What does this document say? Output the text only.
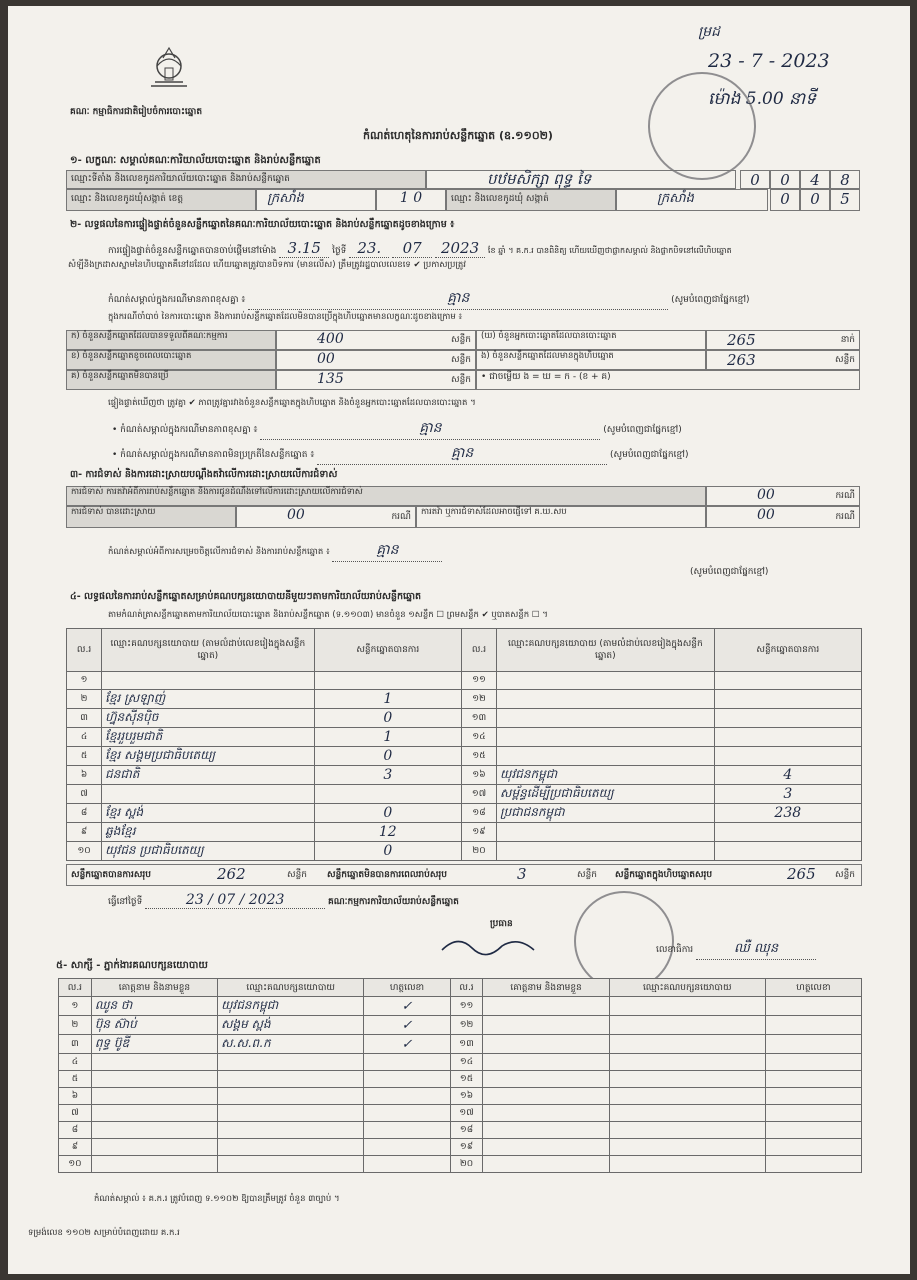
គណៈ កម្មាធិការជាតិរៀបចំការបោះឆ្នោត
ម្រដ
23 - 7 - 2023
ម៉ោង 5.00 នាទី
កំណត់ហេតុនៃការរាប់សន្លឹកឆ្នោត (ឧ.១១០២)
១- លក្ខណៈ សម្គាល់គណៈការិយាល័យបោះឆ្នោត និងរាប់សន្លឹកឆ្នោត
ឈ្មោះទីតាំង និងលេខកូដការិយាល័យបោះឆ្នោត និងរាប់សន្លឹកឆ្នោត	បឋមសិក្សា ពុទ្ធ ទៃ	0	0	4	8
ឈ្មោះ និងលេខកូដឃុំសង្កាត់ ខេត្ត	ក្រសាំង	1 0	ឈ្មោះ និងលេខកូដឃុំ សង្កាត់	ក្រសាំង	0	0	5
២- លទ្ធផលនៃការផ្ទៀងផ្ទាត់ចំនួនសន្លឹកឆ្នោតនៃគណៈការិយាល័យបោះឆ្នោត និងរាប់សន្លឹកឆ្នោតដូចខាងក្រោម ៖
ការផ្ទៀងផ្ទាត់ចំនួនសន្លឹកឆ្នោតបានចាប់ផ្តើមនៅម៉ោង 3.15 ថ្ងៃទី 23. 07 2023 ខែ ឆ្នាំ ។ គ.ក.រ បានពិនិត្យ ហើយឃើញថាផ្លាកសម្គាល់ និងផ្លាកបិទនៅលើហិបឆ្នោត
សំឡីនិងក្រដាសស្នាមនៃហិបឆ្នោតគឺនៅដដែល ហើយឆ្នោតត្រូវបានបិទការ (មានលើស) ត្រឹមត្រូវរដ្ឋបាលលេខទេ ✔ ប្រកាសប្រត្រូវ
កំណត់សម្គាល់ក្នុងករណីមានភាពខុសគ្នា ៖	គ្មាន	(សូមបំពេញជាផ្នែកខ្មៅ)
ក្នុងករណីចាំបាច់ នៃការបោះឆ្នោត និងការរាប់សន្លឹកឆ្នោតដែលមិនបានប្រើក្នុងហិបឆ្នោតមានលក្ខណៈដូចខាងក្រោម ៖
ក) ចំនួនសន្លឹកឆ្នោតដែលបានទទួលពីគណៈកម្មការ	400	សន្លឹក	(ឃ) ចំនួនអ្នកបោះឆ្នោតដែលបានបោះឆ្នោត	265	នាក់
ខ) ចំនួនសន្លឹកឆ្នោតខូចពេលបោះឆ្នោត	00	សន្លឹក	ង) ចំនួនសន្លឹកឆ្នោតដែលមានក្នុងហិបឆ្នោត	263	សន្លឹក
គ) ចំនួនសន្លឹកឆ្នោតមិនបានប្រើ	135	សន្លឹក	• ជាចម្លើយ ង = ឃ = ក - (ខ + គ)
ផ្ទៀងផ្ទាត់ឃើញថា ត្រូវគ្នា ✔ ភាពត្រូវគ្នារវាងចំនួនសន្លឹកឆ្នោតក្នុងហិបឆ្នោត និងចំនួនអ្នកបោះឆ្នោតដែលបានបោះឆ្នោត ។
• កំណត់សម្គាល់ក្នុងករណីមានភាពខុសគ្នា ៖	គ្មាន	(សូមបំពេញជាផ្នែកខ្មៅ)
• កំណត់សម្គាល់ក្នុងករណីមានភាពមិនប្រក្រតីនៃសន្លឹកឆ្នោត ៖	គ្មាន	(សូមបំពេញជាផ្នែកខ្មៅ)
៣- ការជំទាស់ និងការដោះស្រាយបណ្តឹងតវ៉ាលើការដោះស្រាយលើការជំទាស់
ការជំទាស់ ការតវ៉ាអំពីការរាប់សន្លឹកឆ្នោត និងការជូនដំណឹងទៅលើការដោះស្រាយលើការជំទាស់	00	ករណី
ការជំទាស់ បានដោះស្រាយ	00	ករណី	ការតវ៉ា ឬការជំទាស់ដែលអាចផ្ញើទៅ គ.ឃ.សប	00	ករណី
កំណត់សម្គាល់អំពីការសម្រេចចិត្តលើការជំទាស់ និងការរាប់សន្លឹកឆ្នោត ៖	គ្មាន
(សូមបំពេញជាផ្នែកខ្មៅ)
៤- លទ្ធផលនៃការរាប់សន្លឹកឆ្នោតសម្រាប់គណបក្សនយោបាយនីមួយៗតាមការិយាល័យរាប់សន្លឹកឆ្នោត
តាមកំណត់ត្រាសន្លឹកឆ្នោតតាមការិយាល័យបោះឆ្នោត និងរាប់សន្លឹកឆ្នោត (ទ.១១០៣) មានចំនួន ១សន្លឹក ☐ ព្រមសន្លឹក ✔ ឬបាតសន្លឹក ☐ ។
ល.រ	ឈ្មោះគណបក្សនយោបាយ (តាមលំដាប់លេខរៀងក្នុងសន្លឹកឆ្នោត)	សន្លឹកឆ្នោតបានការ	ល.រ	ឈ្មោះគណបក្សនយោបាយ (តាមលំដាប់លេខរៀងក្នុងសន្លឹកឆ្នោត)	សន្លឹកឆ្នោតបានការ
១			១១		
២	ខ្មែរ ស្រឡាញ់	1	១២		
៣	ហ្វ៊ុនស៊ីនប៉ិច	0	១៣		
៤	ខ្មែររួបរួមជាតិ	1	១៤		
៥	ខ្មែរ សង្គមប្រជាធិបតេយ្យ	0	១៥		
៦	ជនជាតិ	3	១៦	យុវជនកម្ពុជា	4
៧			១៧	សម្ព័ន្ធដើម្បីប្រជាធិបតេយ្យ	3
៨	ខ្មែរ ស្ពង់	0	១៨	ប្រជាជនកម្ពុជា	238
៩	ឆ្លងខ្មែរ	12	១៩		
១០	យុវជន ប្រជាធិបតេយ្យ	0	២០		
សន្លឹកឆ្នោតបានការសរុប	262	សន្លឹក សន្លឹកឆ្នោតមិនបានការពេលរាប់សរុប	3	សន្លឹក សន្លឹកឆ្នោតក្នុងហិបឆ្នោតសរុប	265 សន្លឹក
ធ្វើនៅថ្ងៃទី	23 / 07 / 2023	គណៈកម្មការការិយាល័យរាប់សន្លឹកឆ្នោត
ប្រធាន
លេខាធិការ	ឈឺ ឈុន
៥- សាក្សី - ភ្នាក់ងារគណបក្សនយោបាយ
ល.រ	គោត្តនាម និងនាមខ្លួន	ឈ្មោះគណបក្សនយោបាយ	ហត្ថលេខា	ល.រ	គោត្តនាម និងនាមខ្លួន	ឈ្មោះគណបក្សនយោបាយ	ហត្ថលេខា
១	ឈូន ថា	យុវជនកម្ពុជា	✓	១១			
២	ប៊ុន ស៊ាប់	សង្គម ស្ពង់	✓	១២			
៣	ពុទ្ធ ប៊ូឌី	ស.ស.ព.ក	✓	១៣			
៤				១៤			
៥				១៥			
៦				១៦			
៧				១៧			
៨				១៨			
៩				១៩			
១០				២០			
កំណត់សម្គាល់ ៖ គ.ក.រ ត្រូវបំពេញ ទ.១១០២ ឱ្យបានត្រឹមត្រូវ ចំនួន ៣ច្បាប់ ។
ទម្រង់លេខ ១១០២ សម្រាប់បំពេញដោយ គ.ក.រ
